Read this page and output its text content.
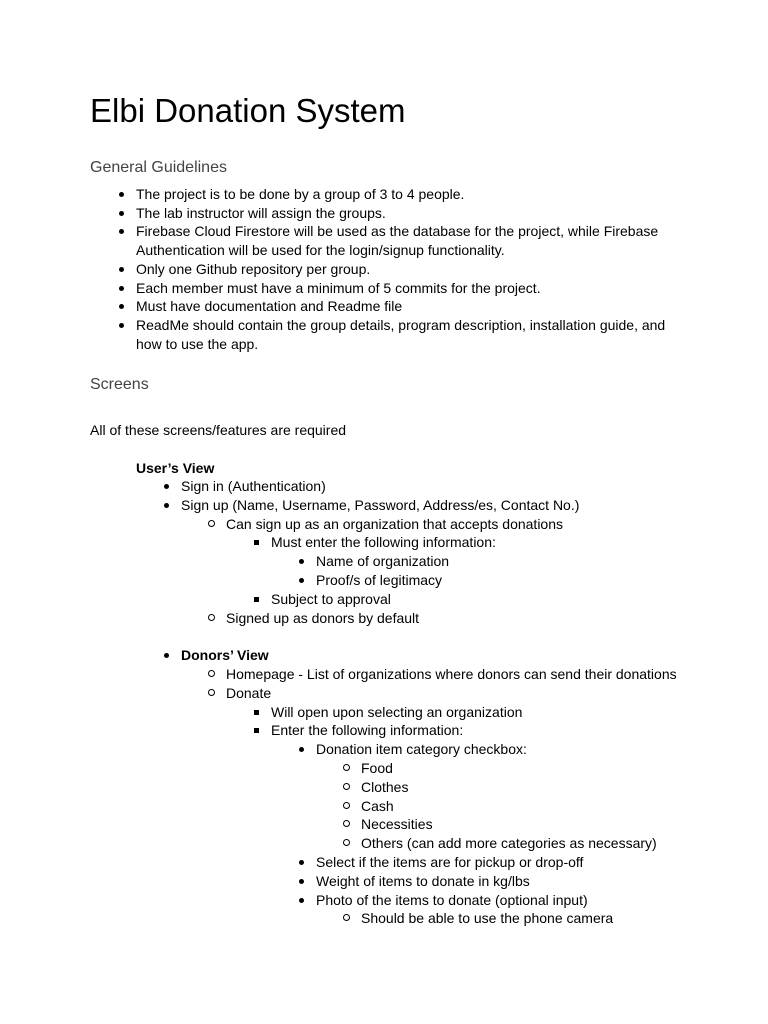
Elbi Donation System
General Guidelines
The project is to be done by a group of 3 to 4 people.
The lab instructor will assign the groups.
Firebase Cloud Firestore will be used as the database for the project, while Firebase
Authentication will be used for the login/signup functionality.
Only one Github repository per group.
Each member must have a minimum of 5 commits for the project.
Must have documentation and Readme file
ReadMe should contain the group details, program description, installation guide, and
how to use the app.
Screens

All of these screens/features are required

User’s View
Sign in (Authentication)
Sign up (Name, Username, Password, Address/es, Contact No.)
Can sign up as an organization that accepts donations
Must enter the following information:
Name of organization
Proof/s of legitimacy
Subject to approval
Signed up as donors by default
Donors’ View
Homepage - List of organizations where donors can send their donations
Donate
Will open upon selecting an organization
Enter the following information:
Donation item category checkbox:
Food
Clothes
Cash
Necessities
Others (can add more categories as necessary)
Select if the items are for pickup or drop-off
Weight of items to donate in kg/lbs
Photo of the items to donate (optional input)
Should be able to use the phone camera
